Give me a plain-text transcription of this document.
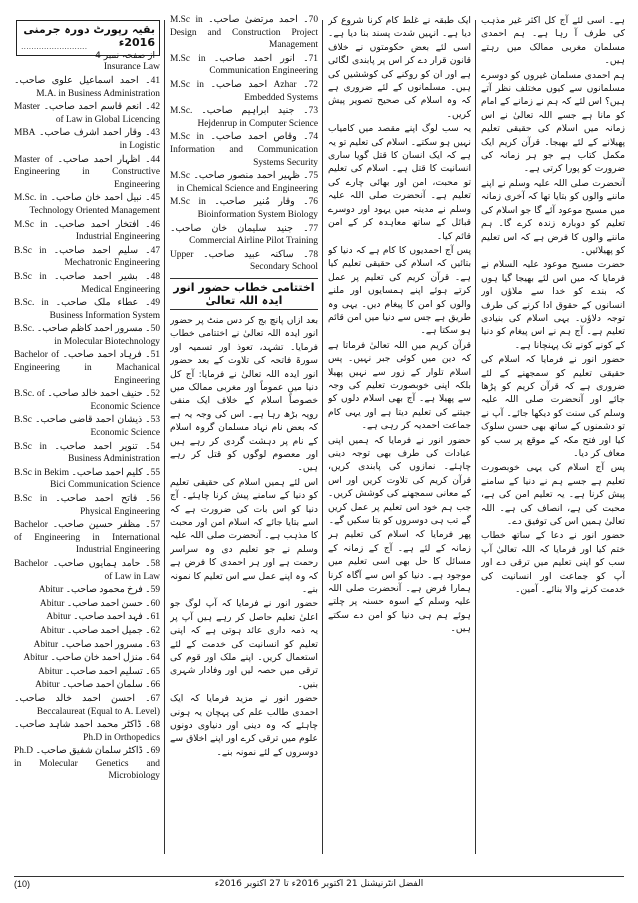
بقیہ رپورٹ دورہ جرمنی 2016ء
از صفحہ نمبر 4
..........................
Insurance Law
41۔ احمد اسماعیل علوی صاحب۔ M.A. in Business Administration
42۔ انعم قاسم احمد صاحب۔ Master of Law in Global Licencing
43۔ وقار احمد اشرف صاحب۔ MBA in Logistic
44۔ اظہار احمد صاحب۔ Master of Engineering in Constructive Engineering
45۔ نبیل احمد خان صاحب۔ M.Sc. in Technology Oriented Management
46۔ افتخار احمد صاحب۔ M.Sc in Industrial Engineering
47۔ سلیم احمد صاحب۔ B.Sc in Mechatronic Engineering
48۔ بشیر احمد صاحب۔ B.Sc in Medical Engineering
49۔ عطاء ملک صاحب۔ B.Sc. in Business Information System
50۔ مسرور احمد کاظم صاحب۔ B.Sc. in Molecular Biotechnology
51۔ فرہاد احمد صاحب۔ Bachelor of Engineering in Machanical Engineering
52۔ حنیف احمد خالد صاحب۔ B.Sc. of Economic Science
53۔ ذیشان احمد قاضی صاحب۔ B.Sc Economic Science
54۔ تنویر احمد صاحب۔ B.Sc in Business Administration
55۔ کلیم احمد صاحب۔ B.Sc in Bekim Bici Communication Science
56۔ فاتح احمد صاحب۔ B.Sc in Physical Engineering
57۔ مظفر حسین صاحب۔ Bachelor of Engineering in International Industrial Engineering
58۔ حامد ہمایوں صاحب۔ Bachelor of Law in Law
59۔ فرخ محمود صاحب۔ Abitur
60۔ حسن احمد صاحب۔ Abitur
61۔ فہد احمد صاحب۔ Abitur
62۔ جمیل احمد صاحب۔ Abitur
63۔ مسرور احمد صاحب۔ Abitur
64۔ منزل احمد خان صاحب۔ Abitur
65۔ تسلیم احمد صاحب۔ Abitur
66۔ سلمان احمد صاحب۔ Abitur
67۔ احسن احمد خالد صاحب۔ Beccalaureat (Equal to A. Level)
68۔ ڈاکٹر محمد احمد شاہد صاحب۔ Ph.D in Orthopedics
69۔ ڈاکٹر سلمان شفیق صاحب۔ Ph.D in Molecular Genetics and Microbiology
70۔ احمد مرتضیٰ صاحب۔ M.Sc in Design and Construction Project Management
71۔ انور احمد صاحب۔ M.Sc in Communication Engineering
72۔ Azhar احمد صاحب۔ M.Sc in Embedded Systems
73۔ جنید ابراہیم صاحب۔ M.Sc. Hejdenrup in Computer Science
74۔ وقاص احمد صاحب۔ M.Sc in Information and Communication Systems Security
75۔ ظہیر احمد منصور صاحب۔ M.Sc in Chemical Science and Engineering
76۔ وقار مُنیر صاحب۔ M.Sc in Bioinformation System Biology
77۔ جنید سلیمان خان صاحب۔ Commercial Airline Pilot Training
78۔ ساکنہ عبید صاحب۔ Upper Secondary School
اختتامی خطاب حضور انور ایدہ اللہ تعالیٰ

بعد ازاں پانچ بج کر دس منٹ پر حضور انور ایدہ اللہ تعالیٰ نے اختتامی خطاب فرمایا۔ تشہد، تعوذ اور تسمیہ اور سورۃ فاتحہ کی تلاوت کے بعد حضور انور ایدہ اللہ تعالیٰ نے فرمایا: آج کل دنیا میں عموماً اور مغربی ممالک میں خصوصاً اسلام کے خلاف ایک منفی رویہ بڑھ رہا ہے۔ اس کی وجہ یہ ہے کہ بعض نام نہاد مسلمان گروہ اسلام کے نام پر دہشت گردی کر رہے ہیں اور معصوم لوگوں کو قتل کر رہے ہیں۔

اس لئے ہمیں اسلام کی حقیقی تعلیم کو دنیا کے سامنے پیش کرنا چاہئے۔ آج دنیا کو اس بات کی ضرورت ہے کہ اسے بتایا جائے کہ اسلام امن اور محبت کا مذہب ہے۔ آنحضرت صلی اللہ علیہ وسلم نے جو تعلیم دی وہ سراسر رحمت ہے اور ہر احمدی کا فرض ہے کہ وہ اپنے عمل سے اس تعلیم کا نمونہ بنے۔

حضور انور نے فرمایا کہ آپ لوگ جو اعلیٰ تعلیم حاصل کر رہے ہیں آپ پر یہ ذمہ داری عائد ہوتی ہے کہ اپنی تعلیم کو انسانیت کی خدمت کے لئے استعمال کریں۔ اپنے ملک اور قوم کی ترقی میں حصہ لیں اور وفادار شہری بنیں۔

حضور انور نے مزید فرمایا کہ ایک احمدی طالب علم کی پہچان یہ ہونی چاہئے کہ وہ دینی اور دنیاوی دونوں علوم میں ترقی کرے اور اپنے اخلاق سے دوسروں کے لئے نمونہ بنے۔

ایک طبقہ نے غلط کام کرنا شروع کر دیا ہے۔ انہیں شدت پسند بنا دیا ہے۔ اسی لئے بعض حکومتوں نے خلاف قانون قرار دے کر اس پر پابندی لگائی ہے اور ان کو روکنے کی کوششیں کی ہیں۔ مسلمانوں کے لئے ضروری ہے کہ وہ اسلام کی صحیح تصویر پیش کریں۔

یہ سب لوگ اپنے مقصد میں کامیاب نہیں ہو سکتے۔ اسلام کی تعلیم تو یہ ہے کہ ایک انسان کا قتل گویا ساری انسانیت کا قتل ہے۔ اسلام کی تعلیم تو محبت، امن اور بھائی چارے کی تعلیم ہے۔ آنحضرت صلی اللہ علیہ وسلم نے مدینہ میں یہود اور دوسرے قبائل کے ساتھ معاہدہ کر کے امن قائم کیا۔

پس آج احمدیوں کا کام ہے کہ دنیا کو بتائیں کہ اسلام کی حقیقی تعلیم کیا ہے۔ قرآن کریم کی تعلیم پر عمل کرتے ہوئے اپنے ہمسایوں اور ملنے والوں کو امن کا پیغام دیں۔ یہی وہ طریق ہے جس سے دنیا میں امن قائم ہو سکتا ہے۔

قرآن کریم میں اللہ تعالیٰ فرماتا ہے کہ دین میں کوئی جبر نہیں۔ پس اسلام تلوار کے زور سے نہیں پھیلا بلکہ اپنی خوبصورت تعلیم کی وجہ سے پھیلا ہے۔ آج بھی اسلام دلوں کو جیتنے کی تعلیم دیتا ہے اور یہی کام جماعت احمدیہ کر رہی ہے۔

حضور انور نے فرمایا کہ ہمیں اپنی عبادات کی طرف بھی توجہ دینی چاہئے۔ نمازوں کی پابندی کریں، قرآن کریم کی تلاوت کریں اور اس کے معانی سمجھنے کی کوشش کریں۔ جب ہم خود اس تعلیم پر عمل کریں گے تب ہی دوسروں کو بتا سکیں گے۔

پھر فرمایا کہ اسلام کی تعلیم ہر زمانہ کے لئے ہے۔ آج کے زمانہ کے مسائل کا حل بھی اسی تعلیم میں موجود ہے۔ دنیا کو اس سے آگاہ کرنا ہمارا فرض ہے۔ آنحضرت صلی اللہ علیہ وسلم کے اسوہ حسنہ پر چلتے ہوئے ہم ہی دنیا کو امن دے سکتے ہیں۔

ہے۔ اسی لئے آج کل اکثر غیر مذہب کی طرف آ رہا ہے۔ ہم احمدی مسلمان مغربی ممالک میں رہتے ہیں۔

ہم احمدی مسلمان غیروں کو دوسرے مسلمانوں سے کیوں مختلف نظر آتے ہیں؟ اس لئے کہ ہم نے زمانے کے امام کو مانا ہے جسے اللہ تعالیٰ نے اس زمانہ میں اسلام کی حقیقی تعلیم پھیلانے کے لئے بھیجا۔ قرآن کریم ایک مکمل کتاب ہے جو ہر زمانہ کی ضرورت کو پورا کرتی ہے۔

آنحضرت صلی اللہ علیہ وسلم نے اپنے ماننے والوں کو بتایا تھا کہ آخری زمانہ میں مسیح موعود آئے گا جو اسلام کی تعلیم کو دوبارہ زندہ کرے گا۔ ہم ماننے والوں کا فرض ہے کہ اس تعلیم کو پھیلائیں۔

حضرت مسیح موعود علیہ السلام نے فرمایا کہ میں اس لئے بھیجا گیا ہوں کہ بندے کو خدا سے ملاؤں اور انسانوں کے حقوق ادا کرنے کی طرف توجہ دلاؤں۔ یہی اسلام کی بنیادی تعلیم ہے۔ آج ہم نے اس پیغام کو دنیا کے کونے کونے تک پہنچانا ہے۔

حضور انور نے فرمایا کہ اسلام کی حقیقی تعلیم کو سمجھنے کے لئے ضروری ہے کہ قرآن کریم کو پڑھا جائے اور آنحضرت صلی اللہ علیہ وسلم کی سنت کو دیکھا جائے۔ آپ نے تو دشمنوں کے ساتھ بھی حسن سلوک کیا اور فتح مکہ کے موقع پر سب کو معاف کر دیا۔

پس آج اسلام کی یہی خوبصورت تعلیم ہے جسے ہم نے دنیا کے سامنے پیش کرنا ہے۔ یہ تعلیم امن کی ہے، محبت کی ہے، انصاف کی ہے۔ اللہ تعالیٰ ہمیں اس کی توفیق دے۔

حضور انور نے دعا کے ساتھ خطاب ختم کیا اور فرمایا کہ اللہ تعالیٰ آپ سب کو اپنی تعلیم میں ترقی دے اور آپ کو جماعت اور انسانیت کی خدمت کرنے والا بنائے۔ آمین۔

(10)	الفضل انٹرنیشنل 21 اکتوبر 2016ء تا 27 اکتوبر 2016ء
